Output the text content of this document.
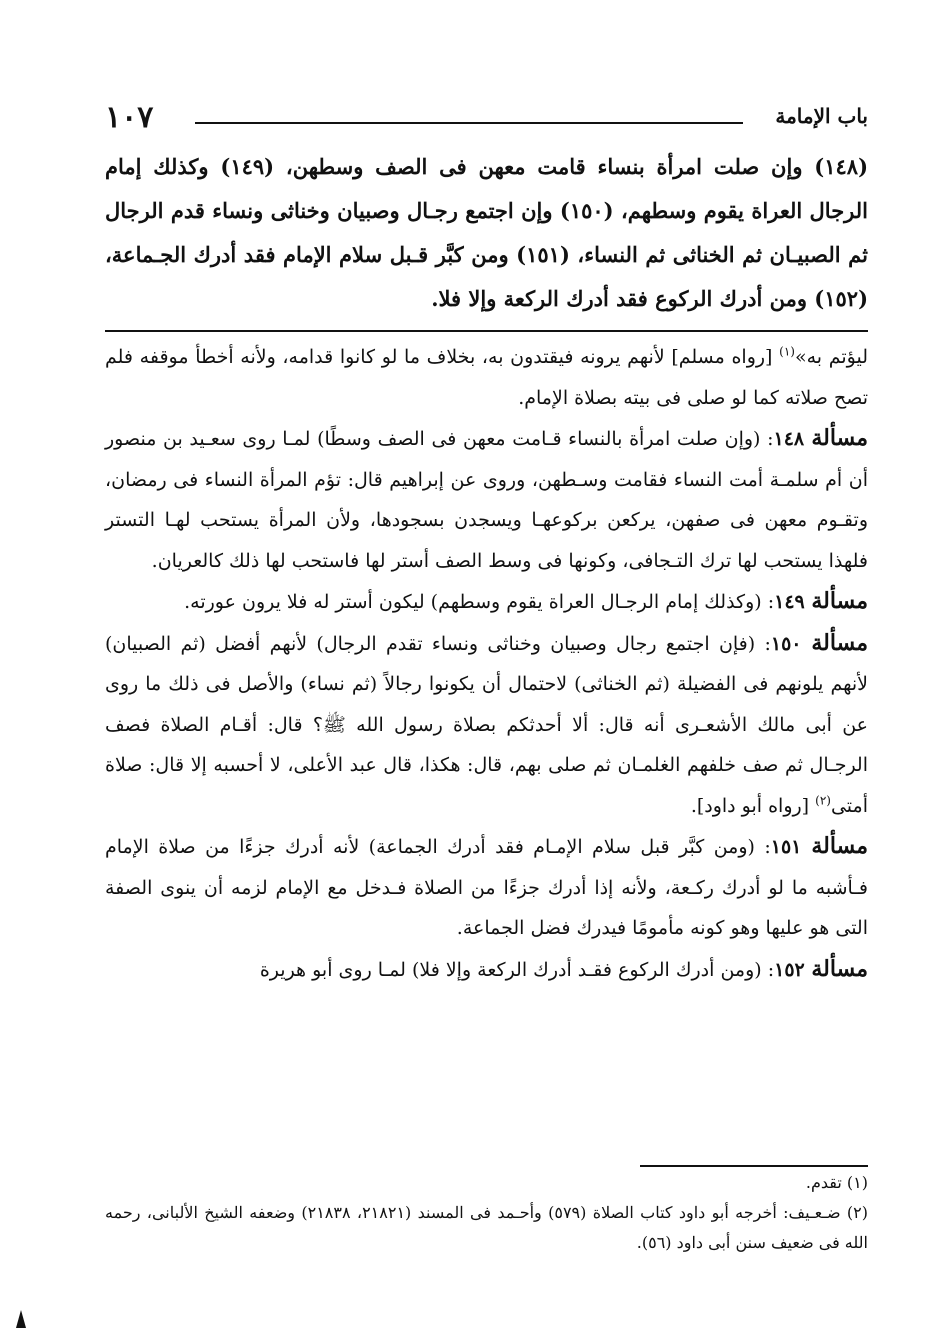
باب الإمامة
١٠٧

(١٤٨) وإن صلت امرأة بنساء قامت معهن فى الصف وسطهن، (١٤٩) وكذلك إمام الرجال العراة يقوم وسطهم، (١٥٠) وإن اجتمع رجـال وصبيان وخناثى ونساء قدم الرجال ثم الصبيـان ثم الخناثى ثم النساء، (١٥١) ومن كبَّر قـبل سلام الإمام فقد أدرك الجـماعة، (١٥٢) ومن أدرك الركوع فقد أدرك الركعة وإلا فلا.

ليؤتم به»$^{(١)}$ [رواه مسلم] لأنهم يرونه فيقتدون به، بخلاف ما لو كانوا قدامه، ولأنه أخطأ موقفه فلم تصح صلاته كما لو صلى فى بيته بصلاة الإمام.

مسألة ١٤٨: (وإن صلت امرأة بالنساء قـامت معهن فى الصف وسطًا) لمـا روى سعـيد بن منصور أن أم سلمـة أمت النساء فقامت وسـطهن، وروى عن إبراهيم قال: تؤم المرأة النساء فى رمضان، وتقـوم معهن فى صفهن، يركعن بركوعهـا ويسجدن بسجودها، ولأن المرأة يستحب لهـا التستر فلهذا يستحب لها ترك التـجافى، وكونها فى وسط الصف أستر لها فاستحب لها ذلك كالعريان.

مسألة ١٤٩: (وكذلك إمام الرجـال العراة يقوم وسطهم) ليكون أستر له فلا يرون عورته.

مسألة ١٥٠: (فإن اجتمع رجال وصبيان وخناثى ونساء تقدم الرجال) لأنهم أفضل (ثم الصبيان) لأنهم يلونهم فى الفضيلة (ثم الخناثى) لاحتمال أن يكونوا رجالاً (ثم نساء) والأصل فى ذلك ما روى عن أبى مالك الأشعـرى أنه قال: ألا أحدثكم بصلاة رسول الله ﷺ؟ قال: أقـام الصلاة فصف الرجـال ثم صف خلفهم الغلمـان ثم صلى بهم، قال: هكذا، قال عبد الأعلى، لا أحسبه إلا قال: صلاة أمتى$^{(٢)}$ [رواه أبو داود].

مسألة ١٥١: (ومن كبَّر قبل سلام الإمـام فقد أدرك الجماعة) لأنه أدرك جزءًا من صلاة الإمام فـأشبه ما لو أدرك ركـعة، ولأنه إذا أدرك جزءًا من الصلاة فـدخل مع الإمام لزمه أن ينوى الصفة التى هو عليها وهو كونه مأمومًا فيدرك فضل الجماعة.

مسألة ١٥٢: (ومن أدرك الركوع فقـد أدرك الركعة وإلا فلا) لمـا روى أبو هريرة

(١) تقدم.

(٢) ضـعـيف: أخرجه أبو داود كتاب الصلاة (٥٧٩) وأحـمد فى المسند (٢١٨٢١، ٢١٨٣٨) وضعفه الشيخ الألبانى، رحمه الله فى ضعيف سنن أبى داود (٥٦).
